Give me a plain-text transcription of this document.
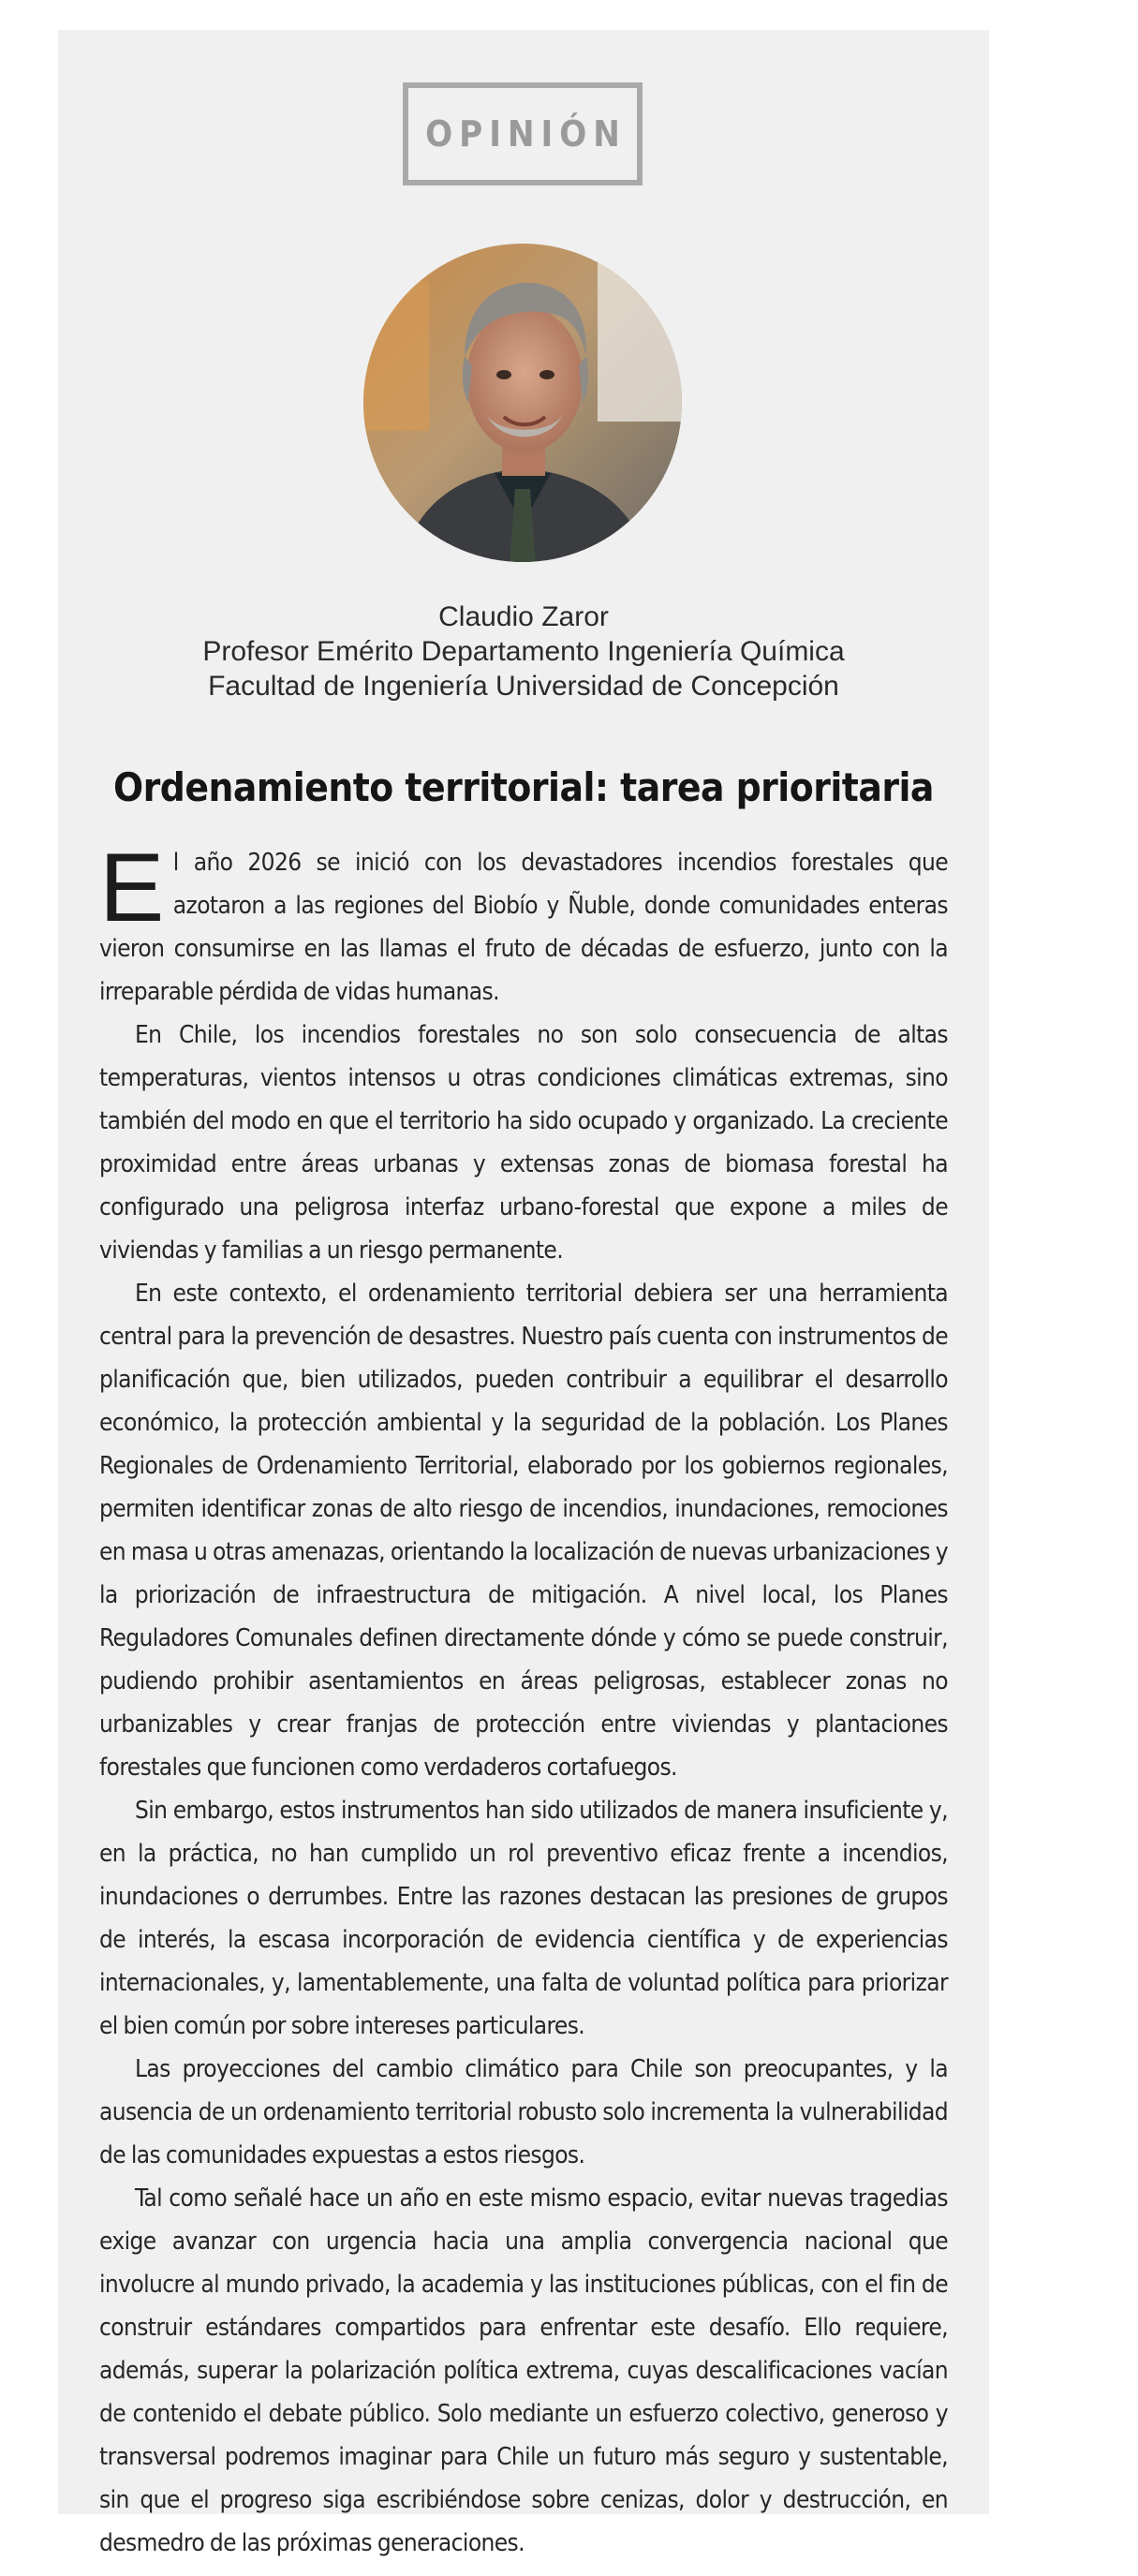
OPINIÓN
Claudio Zaror
Profesor Emérito Departamento Ingeniería Química
Facultad de Ingeniería Universidad de Concepción
Ordenamiento territorial: tarea prioritaria

El año 2026 se inició con los devastadores incendios forestales que azotaron a las regiones del Biobío y Ñuble, donde comunidades enteras vieron consumirse en las llamas el fruto de décadas de esfuerzo, junto con la irreparable pérdida de vidas humanas.

En Chile, los incendios forestales no son solo consecuencia de altas temperaturas, vientos intensos u otras condiciones climáticas extremas, sino también del modo en que el territorio ha sido ocupado y organizado. La creciente proximidad entre áreas urbanas y extensas zonas de biomasa forestal ha configurado una peligrosa interfaz urbano-forestal que expone a miles de viviendas y familias a un riesgo permanente.

En este contexto, el ordenamiento territorial debiera ser una herramienta central para la prevención de desastres. Nuestro país cuenta con instrumentos de planificación que, bien utilizados, pueden contribuir a equilibrar el desarrollo económico, la protección ambiental y la seguridad de la población. Los Planes Regionales de Ordenamiento Territorial, elaborado por los gobiernos regionales, permiten identificar zonas de alto riesgo de incendios, inundaciones, remociones en masa u otras amenazas, orientando la localización de nuevas urbanizaciones y la priorización de infraestructura de mitigación. A nivel local, los Planes Reguladores Comunales definen directamente dónde y cómo se puede construir, pudiendo prohibir asentamientos en áreas peligrosas, establecer zonas no urbanizables y crear franjas de protección entre viviendas y plantaciones forestales que funcionen como verdaderos cortafuegos.

Sin embargo, estos instrumentos han sido utilizados de manera insuficiente y, en la práctica, no han cumplido un rol preventivo eficaz frente a incendios, inundaciones o derrumbes. Entre las razones destacan las presiones de grupos de interés, la escasa incorporación de evidencia científica y de experiencias internacionales, y, lamentablemente, una falta de voluntad política para priorizar el bien común por sobre intereses particulares.

Las proyecciones del cambio climático para Chile son preocupantes, y la ausencia de un ordenamiento territorial robusto solo incrementa la vulnerabilidad de las comunidades expuestas a estos riesgos.

Tal como señalé hace un año en este mismo espacio, evitar nuevas tragedias exige avanzar con urgencia hacia una amplia convergencia nacional que involucre al mundo privado, la academia y las instituciones públicas, con el fin de construir estándares compartidos para enfrentar este desafío. Ello requiere, además, superar la polarización política extrema, cuyas descalificaciones vacían de contenido el debate público. Solo mediante un esfuerzo colectivo, generoso y transversal podremos imaginar para Chile un futuro más seguro y sustentable, sin que el progreso siga escribiéndose sobre cenizas, dolor y destrucción, en desmedro de las próximas generaciones.
